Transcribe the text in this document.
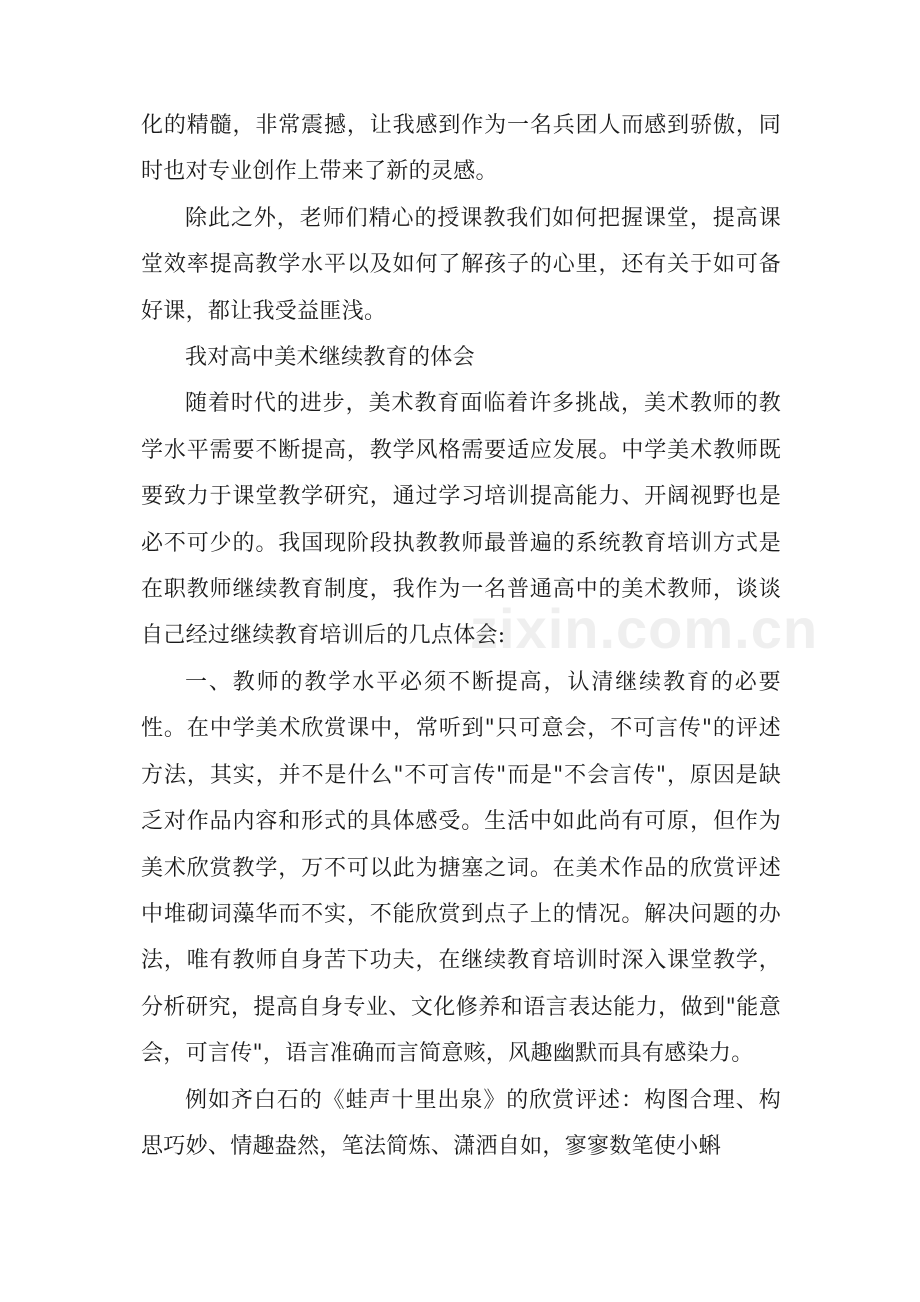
zixin.com.cn

化的精髓，非常震撼，让我感到作为一名兵团人而感到骄傲，同时也对专业创作上带来了新的灵感。

除此之外，老师们精心的授课教我们如何把握课堂，提高课堂效率提高教学水平以及如何了解孩子的心里，还有关于如可备好课，都让我受益匪浅。

我对高中美术继续教育的体会

随着时代的进步，美术教育面临着许多挑战，美术教师的教学水平需要不断提高，教学风格需要适应发展。中学美术教师既要致力于课堂教学研究，通过学习培训提高能力、开阔视野也是必不可少的。我国现阶段执教教师最普遍的系统教育培训方式是在职教师继续教育制度，我作为一名普通高中的美术教师，谈谈自己经过继续教育培训后的几点体会:

一、教师的教学水平必须不断提高，认清继续教育的必要性。在中学美术欣赏课中，常听到"只可意会，不可言传"的评述方法，其实，并不是什么"不可言传"而是"不会言传"，原因是缺乏对作品内容和形式的具体感受。生活中如此尚有可原，但作为美术欣赏教学，万不可以此为搪塞之词。在美术作品的欣赏评述中堆砌词藻华而不实，不能欣赏到点子上的情况。解决问题的办法，唯有教师自身苦下功夫，在继续教育培训时深入课堂教学，分析研究，提高自身专业、文化修养和语言表达能力，做到"能意会，可言传"，语言准确而言简意赅，风趣幽默而具有感染力。

例如齐白石的《蛙声十里出泉》的欣赏评述：构图合理、构思巧妙、情趣盎然，笔法简炼、潇洒自如，寥寥数笔使小蝌
